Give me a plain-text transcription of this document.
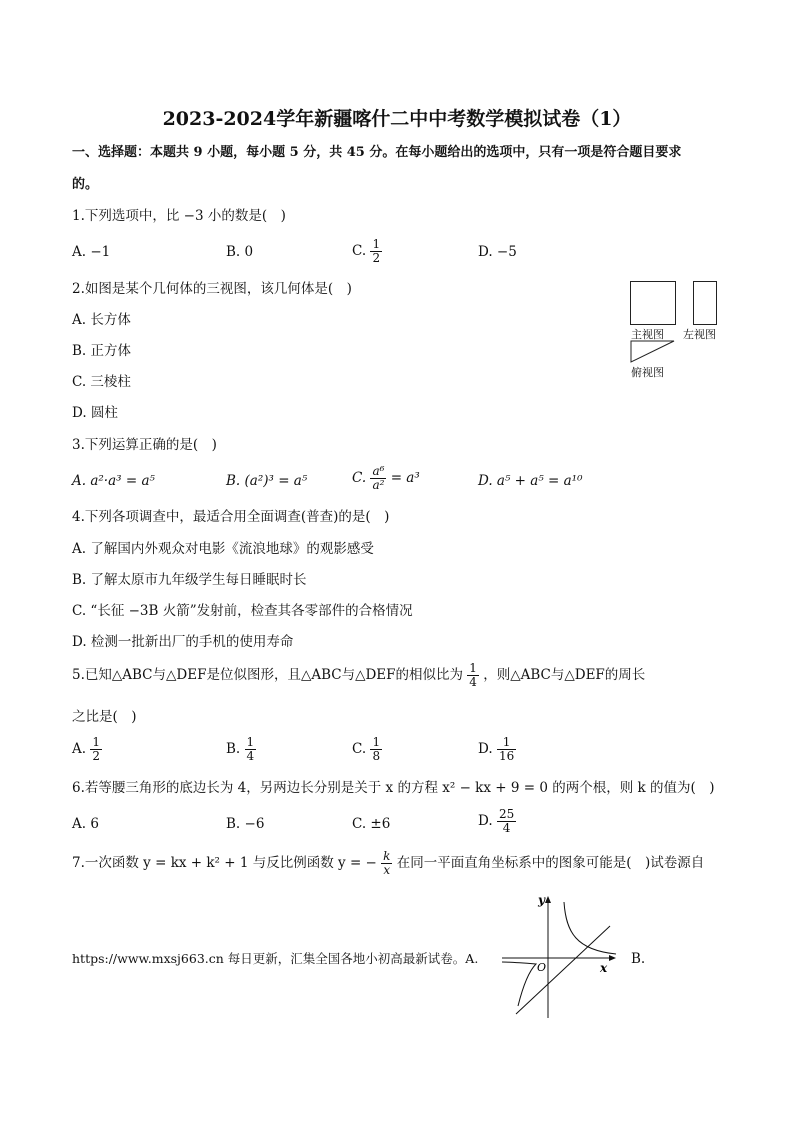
2023-2024学年新疆喀什二中中考数学模拟试卷（1）
一、选择题：本题共 9 小题，每小题 5 分，共 45 分。在每小题给出的选项中，只有一项是符合题目要求
的。
1.下列选项中，比 −3 小的数是(　)
A. −1	B. 0	C. $\frac{1}{2}$	D. −5
2.如图是某个几何体的三视图，该几何体是(　)
A. 长方体
B. 正方体
C. 三棱柱
D. 圆柱
主视图 左视图
俯视图
3.下列运算正确的是(　)
A. a²·a³ = a⁵	B. (a²)³ = a⁵	C. $\frac{\text{a⁶}}{\text{a²}} = a^3$	D. a⁵ + a⁵ = a¹⁰
4.下列各项调查中，最适合用全面调查(普查)的是(　)
A. 了解国内外观众对电影《流浪地球》的观影感受
B. 了解太原市九年级学生每日睡眠时长
C. “长征 −3B 火箭”发射前，检查其各零部件的合格情况
D. 检测一批新出厂的手机的使用寿命
5.已知△ABC与△DEF是位似图形，且△ABC与△DEF的相似比为 $\frac{1}{4}$ ，则△ABC与△DEF的周长
之比是(　)
A. $\frac{1}{2}$	B. $\frac{1}{4}$	C. $\frac{1}{8}$	D. $\frac{1}{16}$
6.若等腰三角形的底边长为 4，另两边长分别是关于 x 的方程 x² − kx + 9 = 0 的两个根，则 k 的值为(　)
A. 6	B. −6	C. ±6	D. $\frac{25}{4}$
7.一次函数 y = kx + k² + 1 与反比例函数 y = − $\frac{k}{x}$ 在同一平面直角坐标系中的图象可能是(　)试卷源自
https://www.mxsj663.cn 每日更新，汇集全国各地小初高最新试卷。A.	B.
y
x
O
